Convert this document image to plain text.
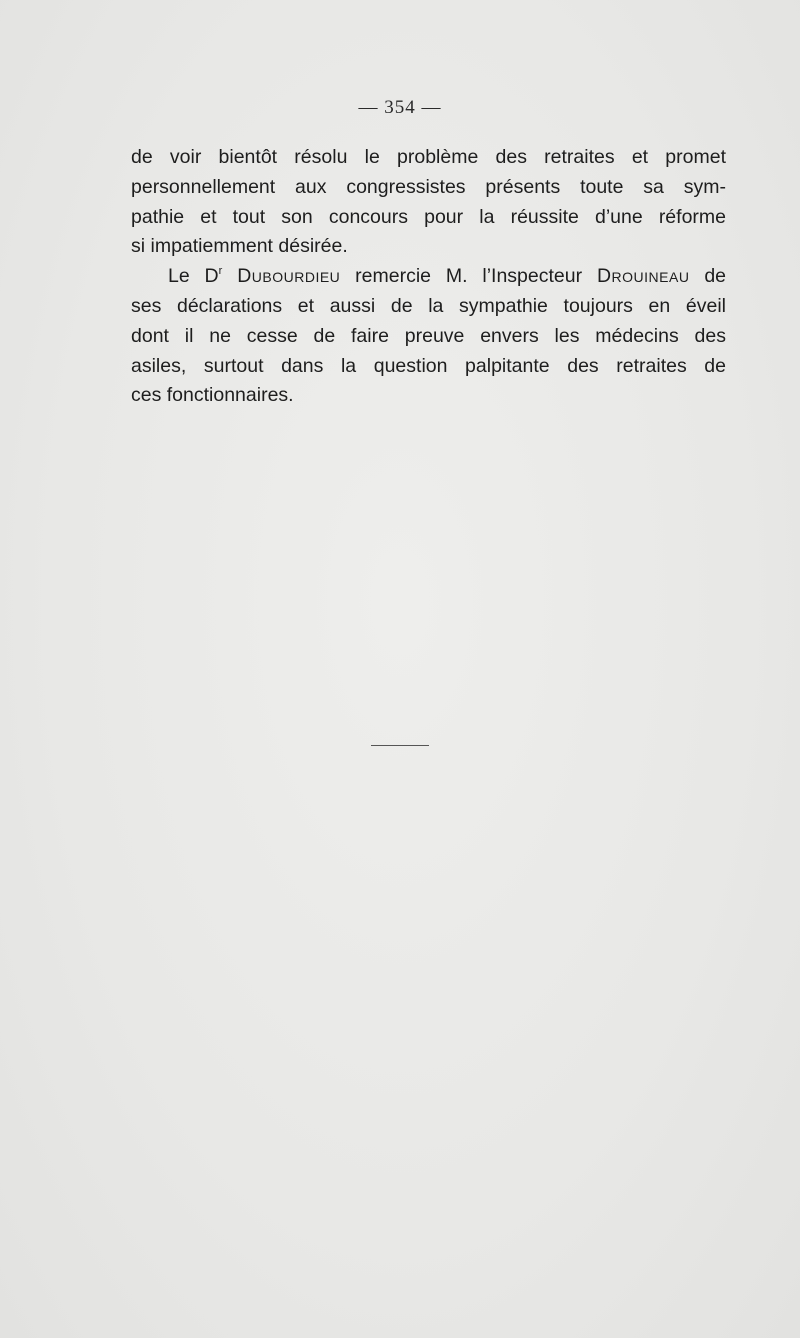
— 354 —

de voir bientôt résolu le problème des retraites et promet
personnellement aux congressistes présents toute sa sym-
pathie et tout son concours pour la réussite d’une réforme
si impatiemment désirée.

Le $D^r$ Dubourdieu remercie M. l’Inspecteur Drouineau de
ses déclarations et aussi de la sympathie toujours en éveil
dont il ne cesse de faire preuve envers les médecins des
asiles, surtout dans la question palpitante des retraites de
ces fonctionnaires.
